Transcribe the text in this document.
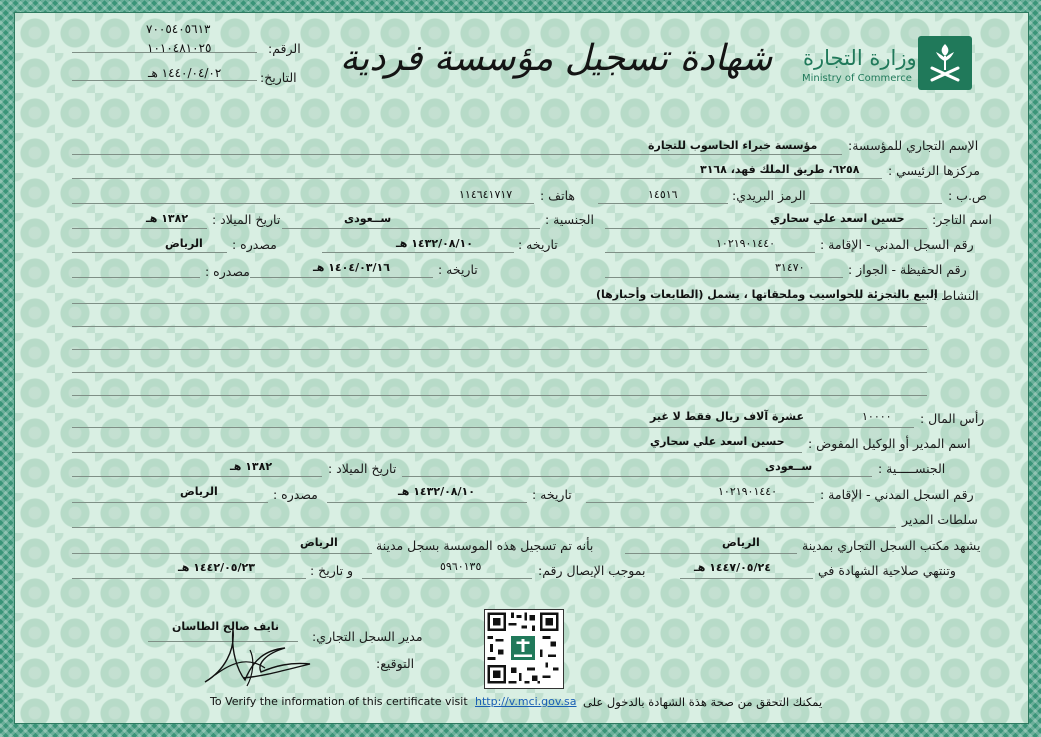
٧٠٠٥٤٠٥٦١٣
الرقم:
١٠١٠٤٨١٠٢٥
التاريخ:
١٤٤٠/٠٤/٠٢ هـ	شهادة تسجيل مؤسسة فردية وزارة التجارة
Ministry of Commerce
الإسم التجاري للمؤسسة:
مؤسسة خبراء الحاسوب للتجارة
مركزها الرئيسي :
٦٢٥٨، طريق الملك فهد، ٣١٦٨
ص.ب :
الرمز البريدي:
١٤٥١٦
هاتف :
١١٤٦٤١٧١٧
اسم التاجر:
حسين اسعد علي سحاري
الجنسية :
ســعودى
تاريخ الميلاد :
١٣٨٢ هـ
رقم السجل المدني - الإقامة :
١٠٢١٩٠١٤٤٠
تاريخه :
١٤٣٢/٠٨/١٠ هـ
مصدره :
الرياض
رقم الحفيظة - الجواز :
٣١٤٧٠
تاريخه :
١٤٠٤/٠٣/١٦ هـ
مصدره :
النشاط :
البيع بالتجزئة للحواسيب وملحقاتها ، يشمل (الطابعات وأحبارها)
رأس المال :
١٠٠٠٠
عشرة آلاف ريال فقط لا غير
اسم المدير أو الوكيل المفوض :
حسين اسعد علي سحاري
الجنســـــية :
ســعودى
تاريخ الميلاد :
١٣٨٢ هـ
رقم السجل المدني - الإقامة :
١٠٢١٩٠١٤٤٠
تاريخه :
١٤٣٢/٠٨/١٠ هـ
مصدره :
الرياض
سلطات المدير
يشهد مكتب السجل التجاري بمدينة
الرياض
بأنه تم تسجيل هذه الموسسة بسجل مدينة
الرياض
وتنتهي صلاحية الشهادة في
١٤٤٧/٠٥/٢٤ هـ
بموجب الإيصال رقم:
٥٩٦٠١٣٥
و تاريخ :
١٤٤٢/٠٥/٢٣ هـ
مدير السجل التجاري:
نايف صالح الطاسان
التوقيع:
To Verify the information of this certificate visit http://v.mci.gov.sa يمكنك التحقق من صحة هذة الشهادة بالدخول على
